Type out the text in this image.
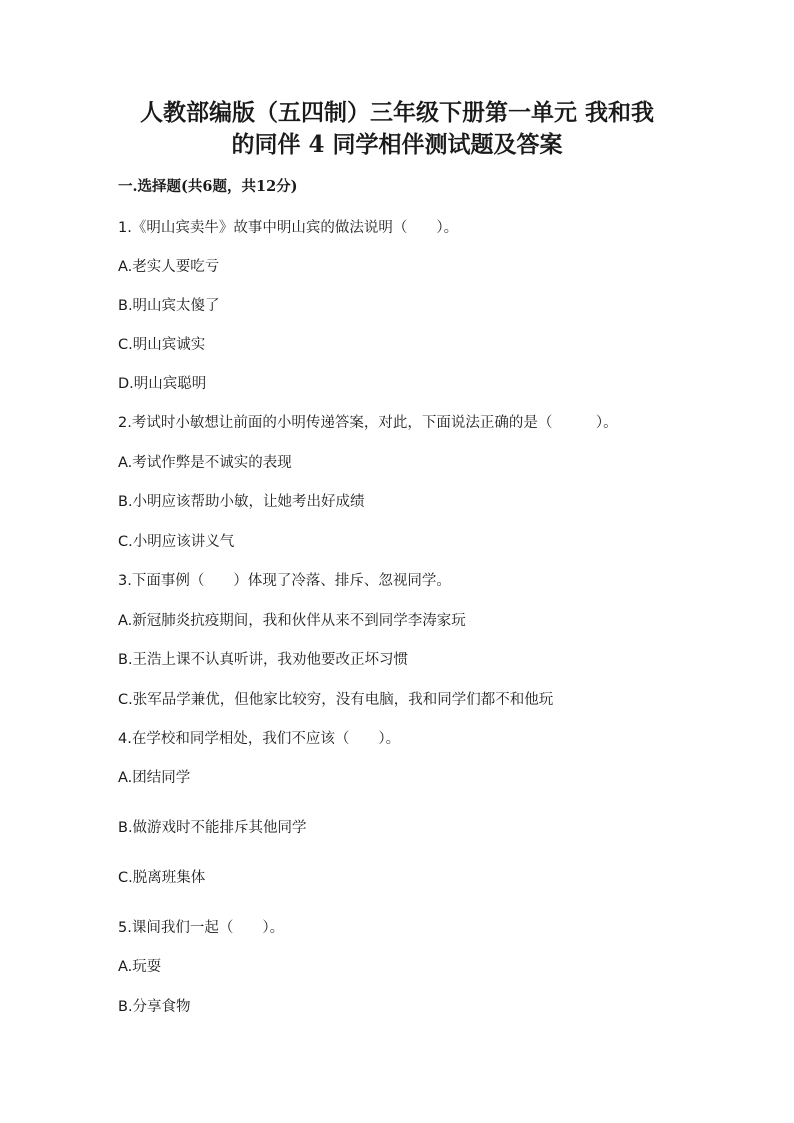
人教部编版（五四制）三年级下册第一单元 我和我
的同伴 4 同学相伴测试题及答案
一.选择题(共6题，共12分)
1.《明山宾卖牛》故事中明山宾的做法说明（　　）。
A.老实人要吃亏
B.明山宾太傻了
C.明山宾诚实
D.明山宾聪明
2.考试时小敏想让前面的小明传递答案，对此，下面说法正确的是（　　　）。
A.考试作弊是不诚实的表现
B.小明应该帮助小敏，让她考出好成绩
C.小明应该讲义气
3.下面事例（　　）体现了冷落、排斥、忽视同学。
A.新冠肺炎抗疫期间，我和伙伴从来不到同学李涛家玩
B.王浩上课不认真听讲，我劝他要改正坏习惯
C.张军品学兼优，但他家比较穷，没有电脑，我和同学们都不和他玩
4.在学校和同学相处，我们不应该（　　）。
A.团结同学
B.做游戏时不能排斥其他同学
C.脱离班集体
5.课间我们一起（　　）。
A.玩耍
B.分享食物
